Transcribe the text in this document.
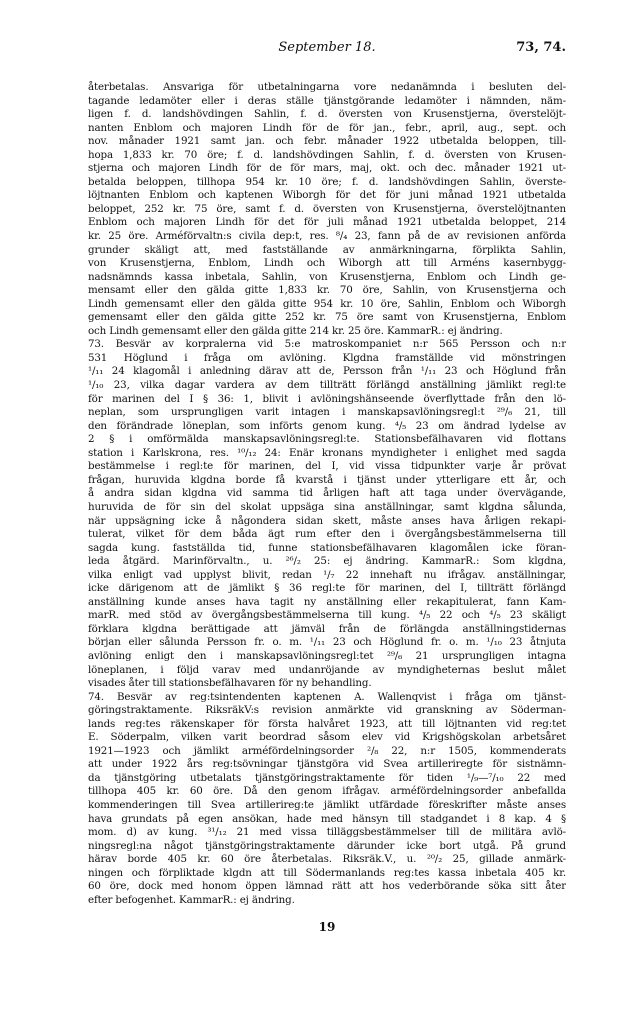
September 18.	73, 74.
återbetalas. Ansvariga för utbetalningarna vore nedanämnda i besluten del-
tagande ledamöter eller i deras ställe tjänstgörande ledamöter i nämnden, näm-
ligen f. d. landshövdingen Sahlin, f. d. översten von Krusenstjerna, överstelöjt-
nanten Enblom och majoren Lindh för de för jan., febr., april, aug., sept. och
nov. månader 1921 samt jan. och febr. månader 1922 utbetalda beloppen, till-
hopa 1,833 kr. 70 öre; f. d. landshövdingen Sahlin, f. d. översten von Krusen-
stjerna och majoren Lindh för de för mars, maj, okt. och dec. månader 1921 ut-
betalda beloppen, tillhopa 954 kr. 10 öre; f. d. landshövdingen Sahlin, överste-
löjtnanten Enblom och kaptenen Wiborgh för det för juni månad 1921 utbetalda
beloppet, 252 kr. 75 öre, samt f. d. översten von Krusenstjerna, överstelöjtnanten
Enblom och majoren Lindh för det för juli månad 1921 utbetalda beloppet, 214
kr. 25 öre. Arméförvaltn:s civila dep:t, res. ⁸/₄ 23, fann på de av revisionen anförda
grunder skäligt att, med fastställande av anmärkningarna, förplikta Sahlin,
von Krusenstjerna, Enblom, Lindh och Wiborgh att till Arméns kasernbygg-
nadsnämnds kassa inbetala, Sahlin, von Krusenstjerna, Enblom och Lindh ge-
mensamt eller den gälda gitte 1,833 kr. 70 öre, Sahlin, von Krusenstjerna och
Lindh gemensamt eller den gälda gitte 954 kr. 10 öre, Sahlin, Enblom och Wiborgh
gemensamt eller den gälda gitte 252 kr. 75 öre samt von Krusenstjerna, Enblom
och Lindh gemensamt eller den gälda gitte 214 kr. 25 öre. KammarR.: ej ändring.
73. Besvär av korpralerna vid 5:e matroskompaniet n:r 565 Persson och n:r
531 Höglund i fråga om avlöning. Klgdna framställde vid mönstringen
¹/₁₁ 24 klagomål i anledning därav att de, Persson från ¹/₁₁ 23 och Höglund från
¹/₁₀ 23, vilka dagar vardera av dem tillträtt förlängd anställning jämlikt regl:te
för marinen del I § 36: 1, blivit i avlöningshänseende överflyttade från den lö-
neplan, som ursprungligen varit intagen i manskapsavlöningsregl:t ²⁹/₆ 21, till
den förändrade löneplan, som införts genom kung. ⁴/₅ 23 om ändrad lydelse av
2 § i omförmälda manskapsavlöningsregl:te. Stationsbefälhavaren vid flottans
station i Karlskrona, res. ¹⁰/₁₂ 24: Enär kronans myndigheter i enlighet med sagda
bestämmelse i regl:te för marinen, del I, vid vissa tidpunkter varje år prövat
frågan, huruvida klgdna borde få kvarstå i tjänst under ytterligare ett år, och
å andra sidan klgdna vid samma tid årligen haft att taga under övervägande,
huruvida de för sin del skolat uppsäga sina anställningar, samt klgdna sålunda,
när uppsägning icke å någondera sidan skett, måste anses hava årligen rekapi-
tulerat, vilket för dem båda ägt rum efter den i övergångsbestämmelserna till
sagda kung. fastställda tid, funne stationsbefälhavaren klagomålen icke föran-
leda åtgärd. Marinförvaltn., u. ²⁶/₂ 25: ej ändring. KammarR.: Som klgdna,
vilka enligt vad upplyst blivit, redan ¹/₇ 22 innehaft nu ifrågav. anställningar,
icke därigenom att de jämlikt § 36 regl:te för marinen, del I, tillträtt förlängd
anställning kunde anses hava tagit ny anställning eller rekapitulerat, fann Kam-
marR. med stöd av övergångsbestämmelserna till kung. ⁴/₅ 22 och ⁴/₅ 23 skäligt
förklara klgdna berättigade att jämväl från de förlängda anställningstidernas
början eller sålunda Persson fr. o. m. ¹/₁₁ 23 och Höglund fr. o. m. ¹/₁₀ 23 åtnjuta
avlöning enligt den i manskapsavlöningsregl:tet ²⁹/₆ 21 ursprungligen intagna
löneplanen, i följd varav med undanröjande av myndigheternas beslut målet
visades åter till stationsbefälhavaren för ny behandling.
74. Besvär av reg:tsintendenten kaptenen A. Wallenqvist i fråga om tjänst-
göringstraktamente. RiksräkV:s revision anmärkte vid granskning av Söderman-
lands reg:tes räkenskaper för första halvåret 1923, att till löjtnanten vid reg:tet
E. Söderpalm, vilken varit beordrad såsom elev vid Krigshögskolan arbetsåret
1921—1923 och jämlikt arméfördelningsorder ²/₈ 22, n:r 1505, kommenderats
att under 1922 års reg:tsövningar tjänstgöra vid Svea artilleriregte för sistnämn-
da tjänstgöring utbetalats tjänstgöringstraktamente för tiden ¹/₉—⁷/₁₀ 22 med
tillhopa 405 kr. 60 öre. Då den genom ifrågav. arméfördelningsorder anbefallda
kommenderingen till Svea artillerireg:te jämlikt utfärdade föreskrifter måste anses
hava grundats på egen ansökan, hade med hänsyn till stadgandet i 8 kap. 4 §
mom. d) av kung. ³¹/₁₂ 21 med vissa tilläggsbestämmelser till de militära avlö-
ningsregl:na något tjänstgöringstraktamente därunder icke bort utgå. På grund
härav borde 405 kr. 60 öre återbetalas. Riksräk.V., u. ²⁰/₂ 25, gillade anmärk-
ningen och förpliktade klgdn att till Södermanlands reg:tes kassa inbetala 405 kr.
60 öre, dock med honom öppen lämnad rätt att hos vederbörande söka sitt åter
efter befogenhet. KammarR.: ej ändring.
19
